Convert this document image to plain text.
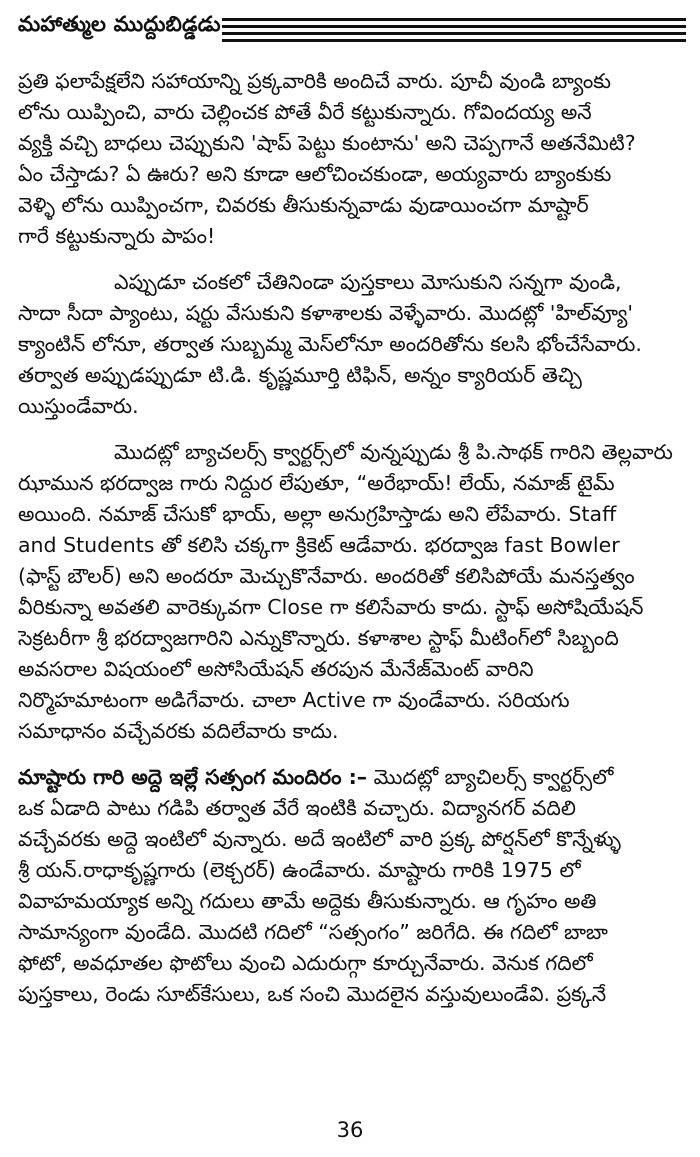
మహాత్ముల ముద్దుబిడ్డడు
ప్రతి ఫలాపేక్షలేని సహాయాన్ని ప్రక్కవారికి అందిచే వారు. పూచీ వుండి బ్యాంకు
లోను యిప్పించి, వారు చెల్లించక పోతే వీరే కట్టుకున్నారు. గోవిందయ్య అనే
వ్యక్తి వచ్చి బాధలు చెప్పుకుని 'షాప్ పెట్టు కుంటాను' అని చెప్పగానే అతనేమిటి?
ఏం చేస్తాడు? ఏ ఊరు? అని కూడా ఆలోచించకుండా, అయ్యవారు బ్యాంకుకు
వెళ్ళి లోను యిప్పించగా, చివరకు తీసుకున్నవాడు వుడాయించగా మాష్టార్
గారే కట్టుకున్నారు పాపం!
ఎప్పుడూ చంకలో చేతినిండా పుస్తకాలు మోసుకుని సన్నగా వుండి,
సాదా సీదా ప్యాంటు, షర్టు వేసుకుని కళాశాలకు వెళ్ళేవారు. మొదట్లో 'హిల్‌వ్యూ'
క్యాంటిన్ లోనూ, తర్వాత సుబ్బమ్మ మెస్‌లోనూ అందరితోను కలసి భోంచేసేవారు.
తర్వాత అప్పుడప్పుడూ టి.డి. కృష్ణమూర్తి టిఫిన్, అన్నం క్యారియర్ తెచ్చి
యిస్తుండేవారు.
మొదట్లో బ్యాచలర్స్ క్వార్టర్స్‌లో వున్నప్పుడు శ్రీ పి.సాథక్ గారిని తెల్లవారు
ఝామున భరద్వాజ గారు నిద్దుర లేపుతూ, “అరేభాయ్! లేయ్, నమాజ్ టైమ్
అయింది. నమాజ్ చేసుకో భాయ్, అల్లా అనుగ్రహిస్తాడు అని లేపేవారు. Staff
and Students తో కలిసి చక్కగా క్రికెట్ ఆడేవారు. భరద్వాజ fast Bowler
(ఫాస్ట్ బౌలర్) అని అందరూ మెచ్చుకొనేవారు. అందరితో కలిసిపోయే మనస్తత్వం
వీరికున్నా అవతలి వారెక్కువగా Close గా కలిసేవారు కాదు. స్టాఫ్ అసోషియేషన్
సెక్రటరీగా శ్రీ భరద్వాజగారిని ఎన్నుకొన్నారు. కళాశాల స్టాఫ్ మీటింగ్‌లో సిబ్బంది
అవసరాల విషయంలో అసోసియేషన్ తరపున మేనేజ్‌మెంట్ వారిని
నిర్మొహమాటంగా అడిగేవారు. చాలా Active గా వుండేవారు. సరియగు
సమాధానం వచ్చేవరకు వదిలేవారు కాదు.
మాష్టారు గారి అద్దె ఇల్లే సత్సంగ మందిరం :– మొదట్లో బ్యాచిలర్స్ క్వార్టర్స్‌లో
ఒక ఏడాది పాటు గడిపి తర్వాత వేరే ఇంటికి వచ్చారు. విద్యానగర్ వదిలి
వచ్చేవరకు అద్దె ఇంటిలో వున్నారు. అదే ఇంటిలో వారి ప్రక్క పోర్షన్‌లో కొన్నేళ్ళు
శ్రీ యన్.రాధాకృష్ణగారు (లెక్చరర్) ఉండేవారు. మాష్టారు గారికి 1975 లో
వివాహమయ్యాక అన్ని గదులు తామే అద్దెకు తీసుకున్నారు. ఆ గృహం అతి
సామాన్యంగా వుండేది. మొదటి గదిలో “సత్సంగం” జరిగేది. ఈ గదిలో బాబా
ఫోటో, అవధూతల ఫొటోలు వుంచి ఎదురుగ్గా కూర్చునేవారు. వెనుక గదిలో
పుస్తకాలు, రెండు సూట్‌కేసులు, ఒక సంచి మొదలైన వస్తువులుండేవి. ప్రక్కనే
36
